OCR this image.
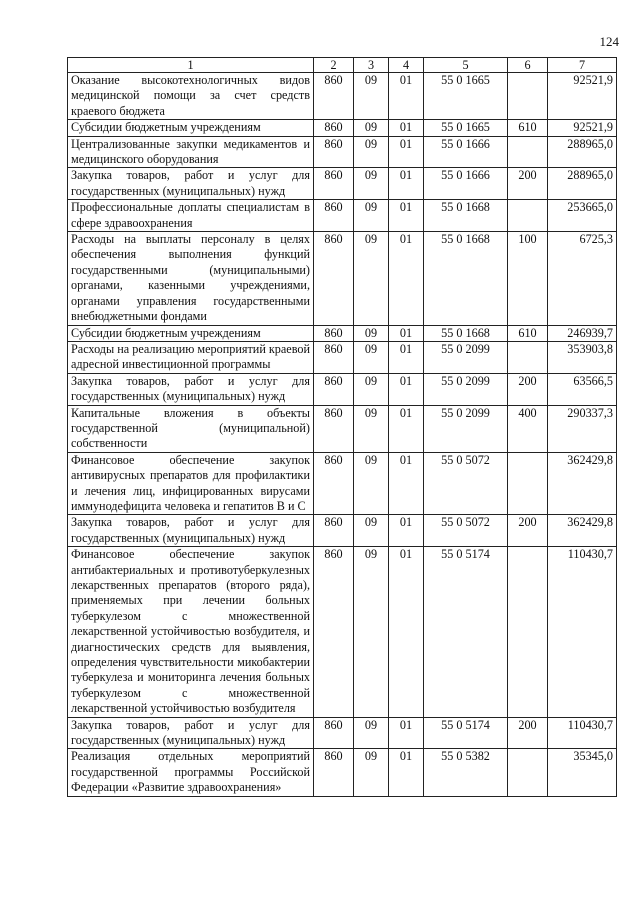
124
1	2	3	4	5	6	7
Оказание высокотехнологичных видов медицинской помощи за счет средств краевого бюджета	860	09	01	55 0 1665		92521,9
Субсидии бюджетным учреждениям	860	09	01	55 0 1665	610	92521,9
Централизованные закупки медикаментов и медицинского оборудования	860	09	01	55 0 1666		288965,0
Закупка товаров, работ и услуг для государственных (муниципальных) нужд	860	09	01	55 0 1666	200	288965,0
Профессиональные доплаты специалистам в сфере здравоохранения	860	09	01	55 0 1668		253665,0
Расходы на выплаты персоналу в целях обеспечения выполнения функций государственными (муниципальными) органами, казенными учреждениями, органами управления государственными внебюджетными фондами	860	09	01	55 0 1668	100	6725,3
Субсидии бюджетным учреждениям	860	09	01	55 0 1668	610	246939,7
Расходы на реализацию мероприятий краевой адресной инвестиционной программы	860	09	01	55 0 2099		353903,8
Закупка товаров, работ и услуг для государственных (муниципальных) нужд	860	09	01	55 0 2099	200	63566,5
Капитальные вложения в объекты государственной (муниципальной) собственности	860	09	01	55 0 2099	400	290337,3
Финансовое обеспечение закупок антивирусных препаратов для профилактики и лечения лиц, инфицированных вирусами иммунодефицита человека и гепатитов B и C	860	09	01	55 0 5072		362429,8
Закупка товаров, работ и услуг для государственных (муниципальных) нужд	860	09	01	55 0 5072	200	362429,8
Финансовое обеспечение закупок антибактериальных и противотуберкулезных лекарственных препаратов (второго ряда), применяемых при лечении больных туберкулезом с множественной лекарственной устойчивостью возбудителя, и диагностических средств для выявления, определения чувствительности микобактерии туберкулеза и мониторинга лечения больных туберкулезом с множественной лекарственной устойчивостью возбудителя	860	09	01	55 0 5174		110430,7
Закупка товаров, работ и услуг для государственных (муниципальных) нужд	860	09	01	55 0 5174	200	110430,7
Реализация отдельных мероприятий государственной программы Российской Федерации «Развитие здравоохранения»	860	09	01	55 0 5382		35345,0
